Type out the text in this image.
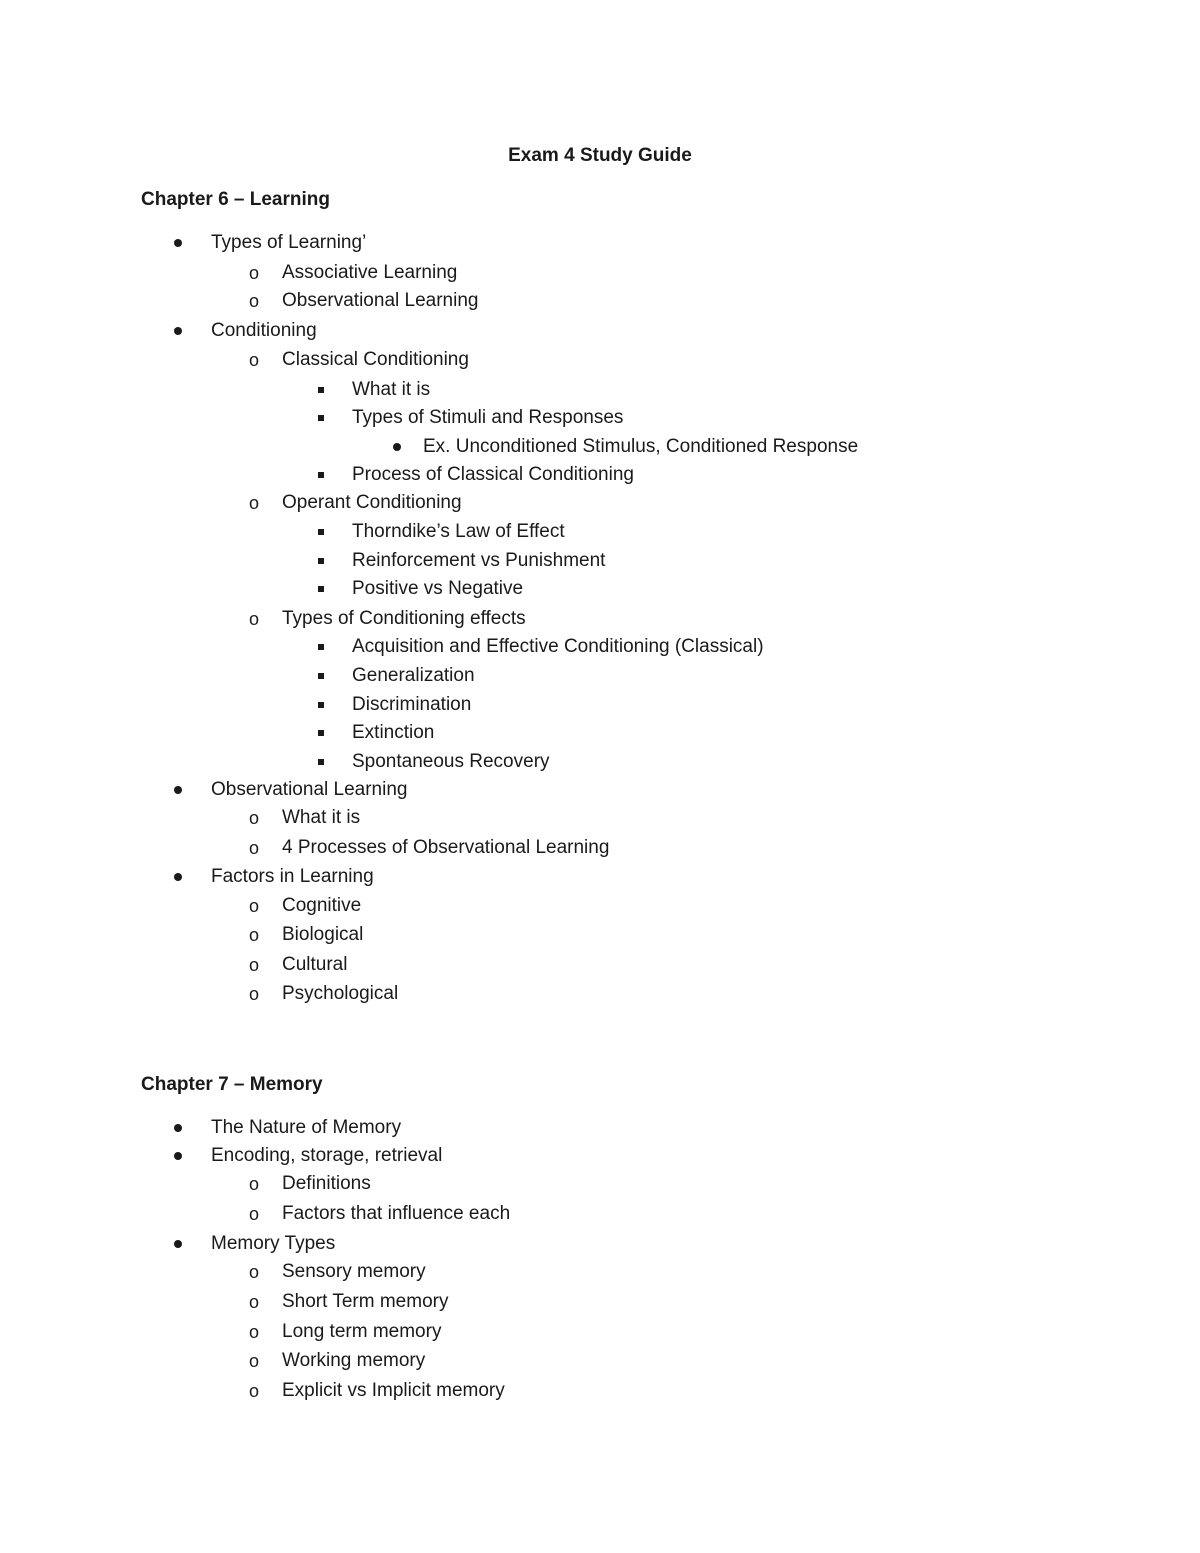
Exam 4 Study Guide
Chapter 6 – Learning
Types of Learning’
o Associative Learning
o Observational Learning
Conditioning
o Classical Conditioning
What it is
Types of Stimuli and Responses
Ex. Unconditioned Stimulus, Conditioned Response
Process of Classical Conditioning
o Operant Conditioning
Thorndike’s Law of Effect
Reinforcement vs Punishment
Positive vs Negative
o Types of Conditioning effects
Acquisition and Effective Conditioning (Classical)
Generalization
Discrimination
Extinction
Spontaneous Recovery
Observational Learning
o What it is
o 4 Processes of Observational Learning
Factors in Learning
o Cognitive
o Biological
o Cultural
o Psychological
Chapter 7 – Memory
The Nature of Memory
Encoding, storage, retrieval
o Definitions
o Factors that influence each
Memory Types
o Sensory memory
o Short Term memory
o Long term memory
o Working memory
o Explicit vs Implicit memory
